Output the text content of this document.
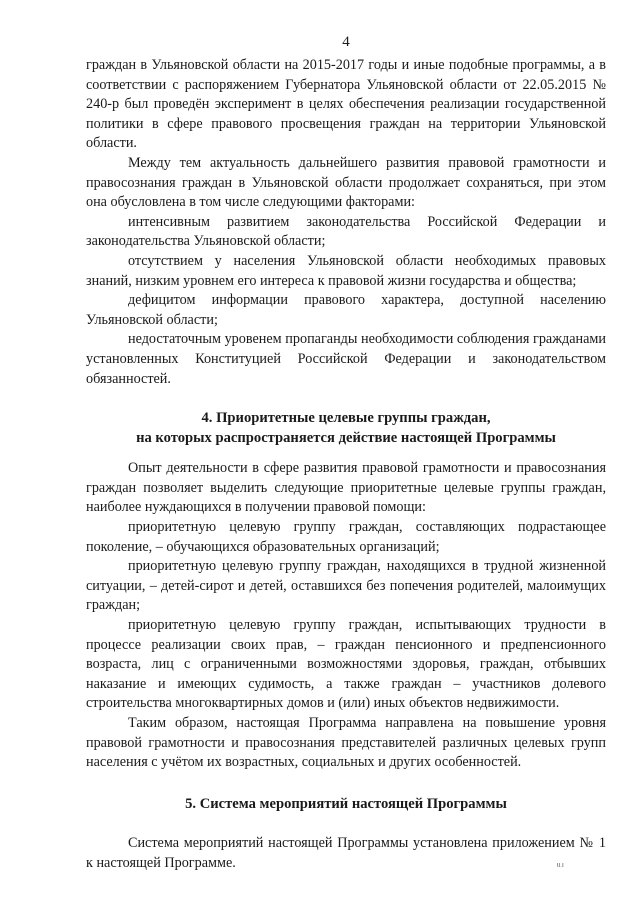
4

граждан в Ульяновской области на 2015-2017 годы и иные подобные программы, а в соответствии с распоряжением Губернатора Ульяновской области от 22.05.2015 № 240-р был проведён эксперимент в целях обеспечения реализации государственной политики в сфере правового просвещения граждан на территории Ульяновской области.

Между тем актуальность дальнейшего развития правовой грамотности и правосознания граждан в Ульяновской области продолжает сохраняться, при этом она обусловлена в том числе следующими факторами:

интенсивным развитием законодательства Российской Федерации и законодательства Ульяновской области;

отсутствием у населения Ульяновской области необходимых правовых знаний, низким уровнем его интереса к правовой жизни государства и общества;

дефицитом информации правового характера, доступной населению Ульяновской области;

недостаточным уровенем пропаганды необходимости соблюдения гражданами установленных Конституцией Российской Федерации и законодательством обязанностей.

4. Приоритетные целевые группы граждан,
на которых распространяется действие настоящей Программы

Опыт деятельности в сфере развития правовой грамотности и правосознания граждан позволяет выделить следующие приоритетные целевые группы граждан, наиболее нуждающихся в получении правовой помощи:

приоритетную целевую группу граждан, составляющих подрастающее поколение, – обучающихся образовательных организаций;

приоритетную целевую группу граждан, находящихся в трудной жизненной ситуации, – детей-сирот и детей, оставшихся без попечения родителей, малоимущих граждан;

приоритетную целевую группу граждан, испытывающих трудности в процессе реализации своих прав, – граждан пенсионного и предпенсионного возраста, лиц с ограниченными возможностями здоровья, граждан, отбывших наказание и имеющих судимость, а также граждан – участников долевого строительства многоквартирных домов и (или) иных объектов недвижимости.

Таким образом, настоящая Программа направлена на повышение уровня правовой грамотности и правосознания представителей различных целевых групп населения с учётом их возрастных, социальных и других особенностей.

5. Система мероприятий настоящей Программы

Система мероприятий настоящей Программы установлена приложением № 1 к настоящей Программе.	ய
